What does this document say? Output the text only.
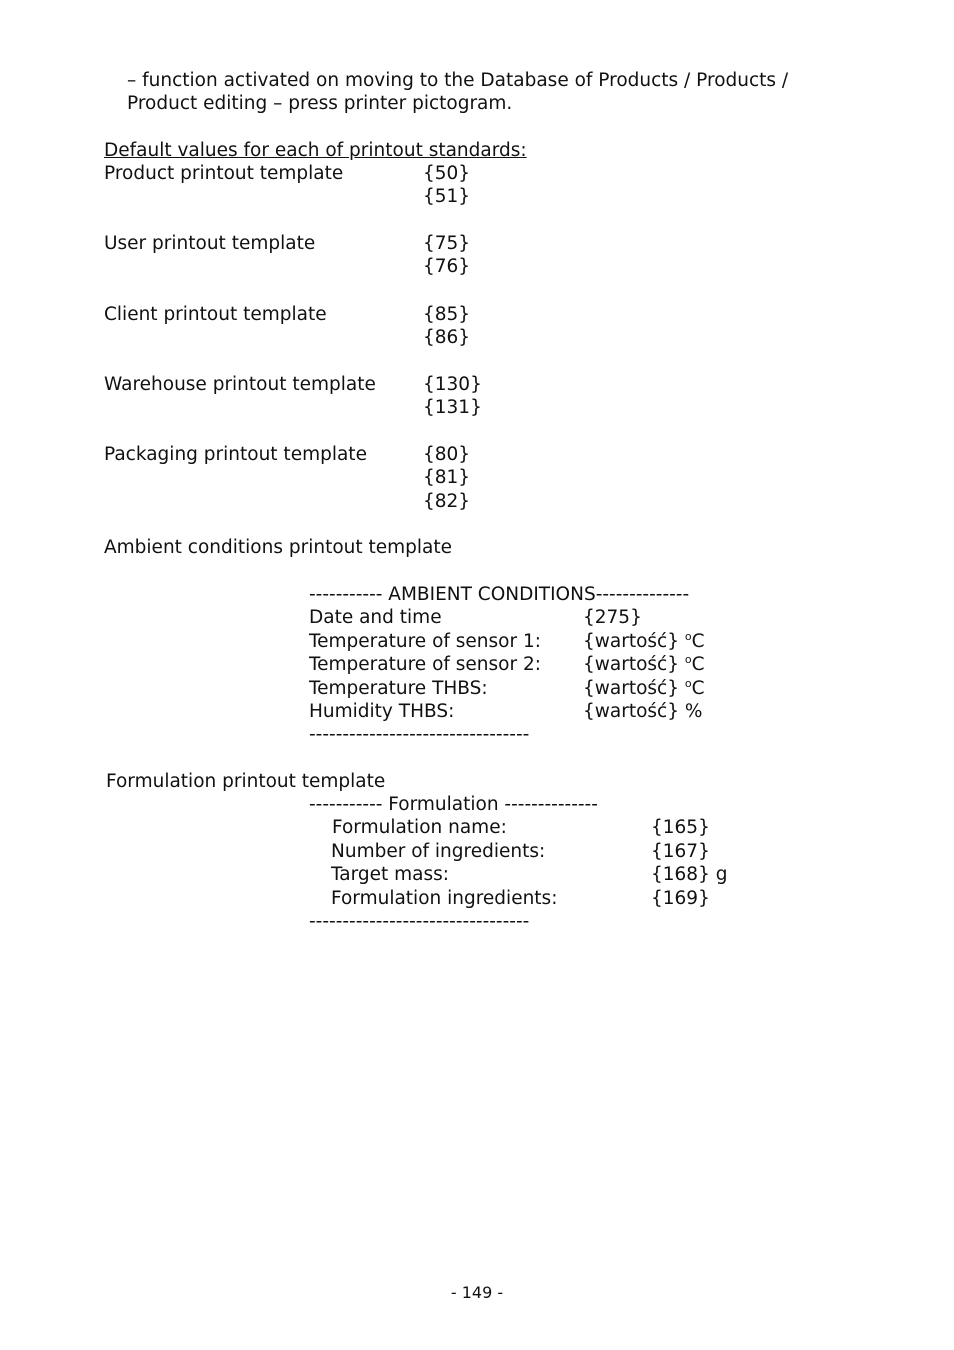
– function activated on moving to the Database of Products / Products /
Product editing – press printer pictogram.
Default values for each of printout standards:
Product printout template	{50}
{51}
User printout template	{75}
{76}
Client printout template	{85}
{86}
Warehouse printout template	{130}
{131}
Packaging printout template	{80}
{81}
{82}
Ambient conditions printout template
----------- AMBIENT CONDITIONS--------------
Date and time	{275}
Temperature of sensor 1: {wartość} $^o$C
Temperature of sensor 2: {wartość} $^o$C
Temperature THBS:	{wartość} $^o$C
Humidity THBS:	{wartość} %
---------------------------------
Formulation printout template
----------- Formulation --------------
Formulation name:	{165}
Number of ingredients:	{167}
Target mass:	{168} g
Formulation ingredients:	{169}
---------------------------------
- 149 -
